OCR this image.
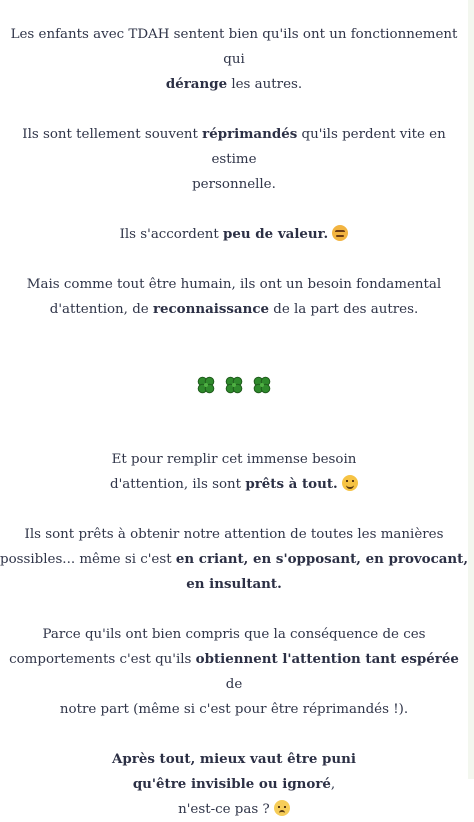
Les enfants avec TDAH sentent bien qu'ils ont un fonctionnement qui
dérange les autres.

Ils sont tellement souvent réprimandés qu'ils perdent vite en estime
personnelle.

Ils s'accordent peu de valeur.

Mais comme tout être humain, ils ont un besoin fondamental
d'attention, de reconnaissance de la part des autres.

Et pour remplir cet immense besoin
d'attention, ils sont prêts à tout.

Ils sont prêts à obtenir notre attention de toutes les manières
possibles... même si c'est en criant, en s'opposant, en provocant,
en insultant.

Parce qu'ils ont bien compris que la conséquence de ces
comportements c'est qu'ils obtiennent l'attention tant espérée de
notre part (même si c'est pour être réprimandés !).

Après tout, mieux vaut être puni
qu'être invisible ou ignoré,
n'est-ce pas ?
